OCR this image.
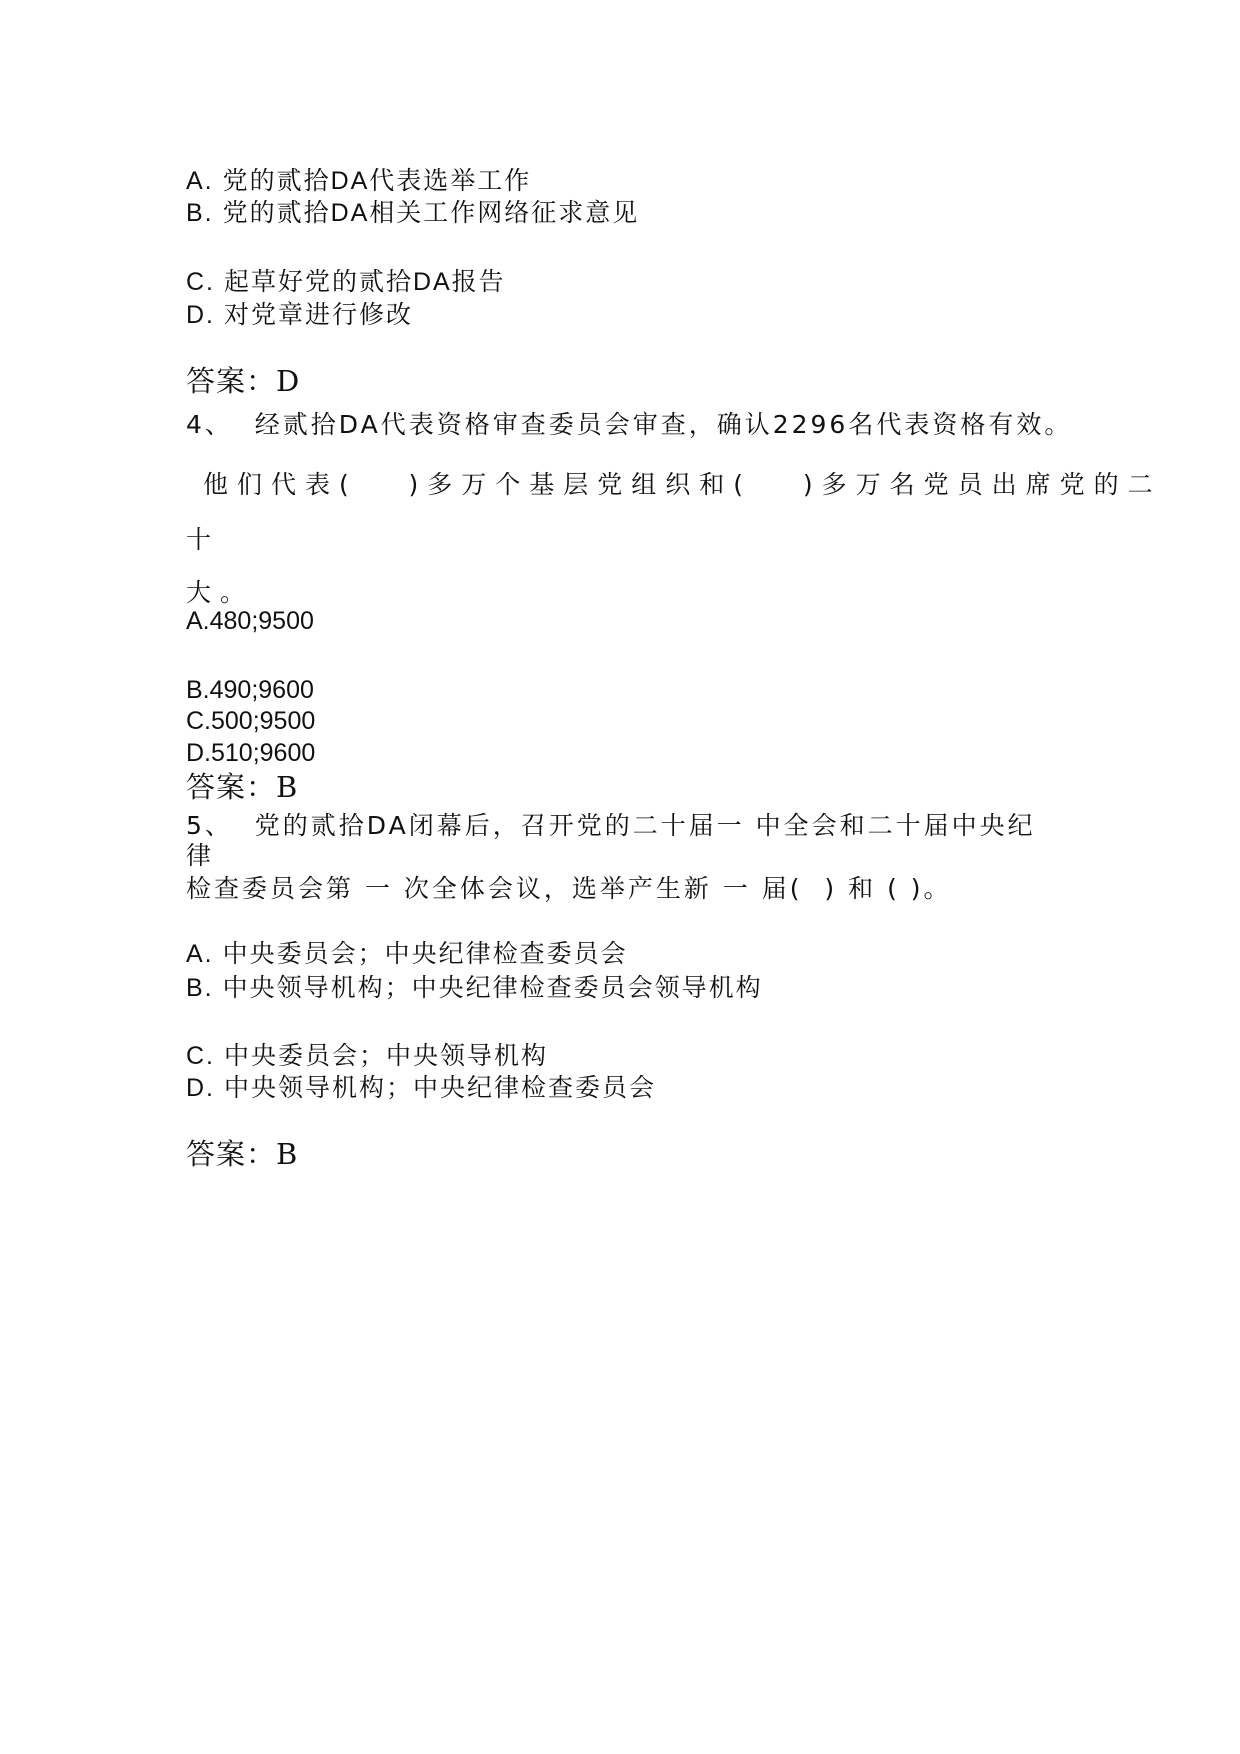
A. 党的贰拾DA代表选举工作
B. 党的贰拾DA相关工作网络征求意见
C. 起草好党的贰拾DA报告
D. 对党章进行修改
答案：D
4、  经贰拾DA代表资格审查委员会审查，确认2296名代表资格有效。
他们代表(   )多万个基层党组织和(   )多万名党员出席党的二
十
大。
A.480;9500
B.490;9600
C.500;9500
D.510;9600
答案：B
5、  党的贰拾DA闭幕后，召开党的二十届一 中全会和二十届中央纪
律
检查委员会第 一 次全体会议，选举产生新 一 届(  ) 和 ( )。
A. 中央委员会；中央纪律检查委员会
B. 中央领导机构；中央纪律检查委员会领导机构
C. 中央委员会；中央领导机构
D. 中央领导机构；中央纪律检查委员会
答案：B
